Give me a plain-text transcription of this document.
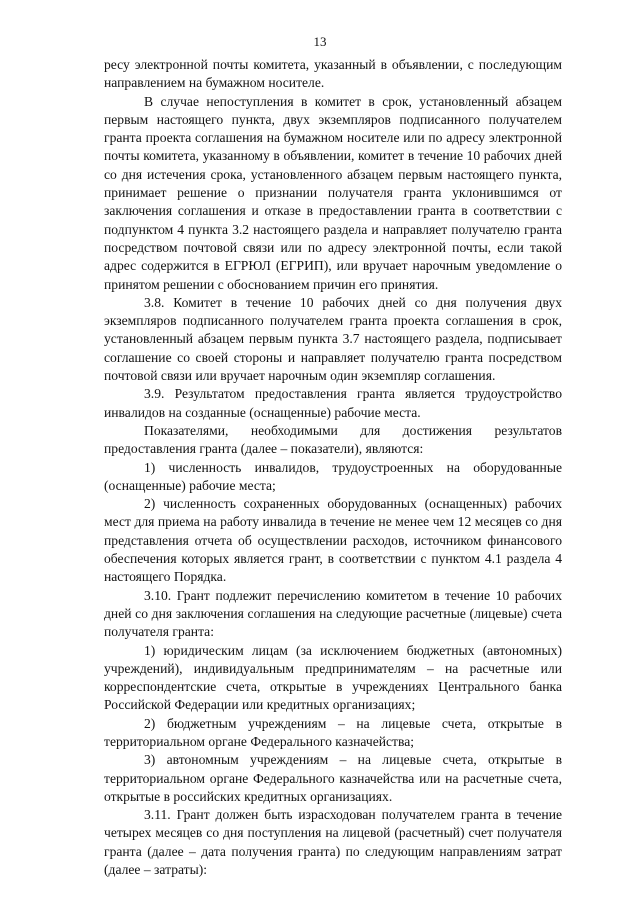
13

ресу электронной почты комитета, указанный в объявлении, с последующим направлением на бумажном носителе.

В случае непоступления в комитет в срок, установленный абзацем первым настоящего пункта, двух экземпляров подписанного получателем гранта проекта соглашения на бумажном носителе или по адресу электронной почты комитета, указанному в объявлении, комитет в течение 10 рабочих дней со дня истечения срока, установленного абзацем первым настоящего пункта, принимает решение о признании получателя гранта уклонившимся от заключения соглашения и отказе в предоставлении гранта в соответствии с подпунктом 4 пункта 3.2 настоящего раздела и направляет получателю гранта посредством почтовой связи или по адресу электронной почты, если такой адрес содержится в ЕГРЮЛ (ЕГРИП), или вручает нарочным уведомление о принятом решении с обоснованием причин его принятия.

3.8. Комитет в течение 10 рабочих дней со дня получения двух экземпляров подписанного получателем гранта проекта соглашения в срок, установленный абзацем первым пункта 3.7 настоящего раздела, подписывает соглашение со своей стороны и направляет получателю гранта посредством почтовой связи или вручает нарочным один экземпляр соглашения.

3.9. Результатом предоставления гранта является трудоустройство инвалидов на созданные (оснащенные) рабочие места.

Показателями, необходимыми для достижения результатов предоставления гранта (далее – показатели), являются:

1) численность инвалидов, трудоустроенных на оборудованные (оснащенные) рабочие места;

2) численность сохраненных оборудованных (оснащенных) рабочих мест для приема на работу инвалида в течение не менее чем 12 месяцев со дня представления отчета об осуществлении расходов, источником финансового обеспечения которых является грант, в соответствии с пунктом 4.1 раздела 4 настоящего Порядка.

3.10. Грант подлежит перечислению комитетом в течение 10 рабочих дней со дня заключения соглашения на следующие расчетные (лицевые) счета получателя гранта:

1) юридическим лицам (за исключением бюджетных (автономных) учреждений), индивидуальным предпринимателям – на расчетные или корреспондентские счета, открытые в учреждениях Центрального банка Российской Федерации или кредитных организациях;

2) бюджетным учреждениям – на лицевые счета, открытые в территориальном органе Федерального казначейства;

3) автономным учреждениям – на лицевые счета, открытые в территориальном органе Федерального казначейства или на расчетные счета, открытые в российских кредитных организациях.

3.11. Грант должен быть израсходован получателем гранта в течение четырех месяцев со дня поступления на лицевой (расчетный) счет получателя гранта (далее – дата получения гранта) по следующим направлениям затрат (далее – затраты):
